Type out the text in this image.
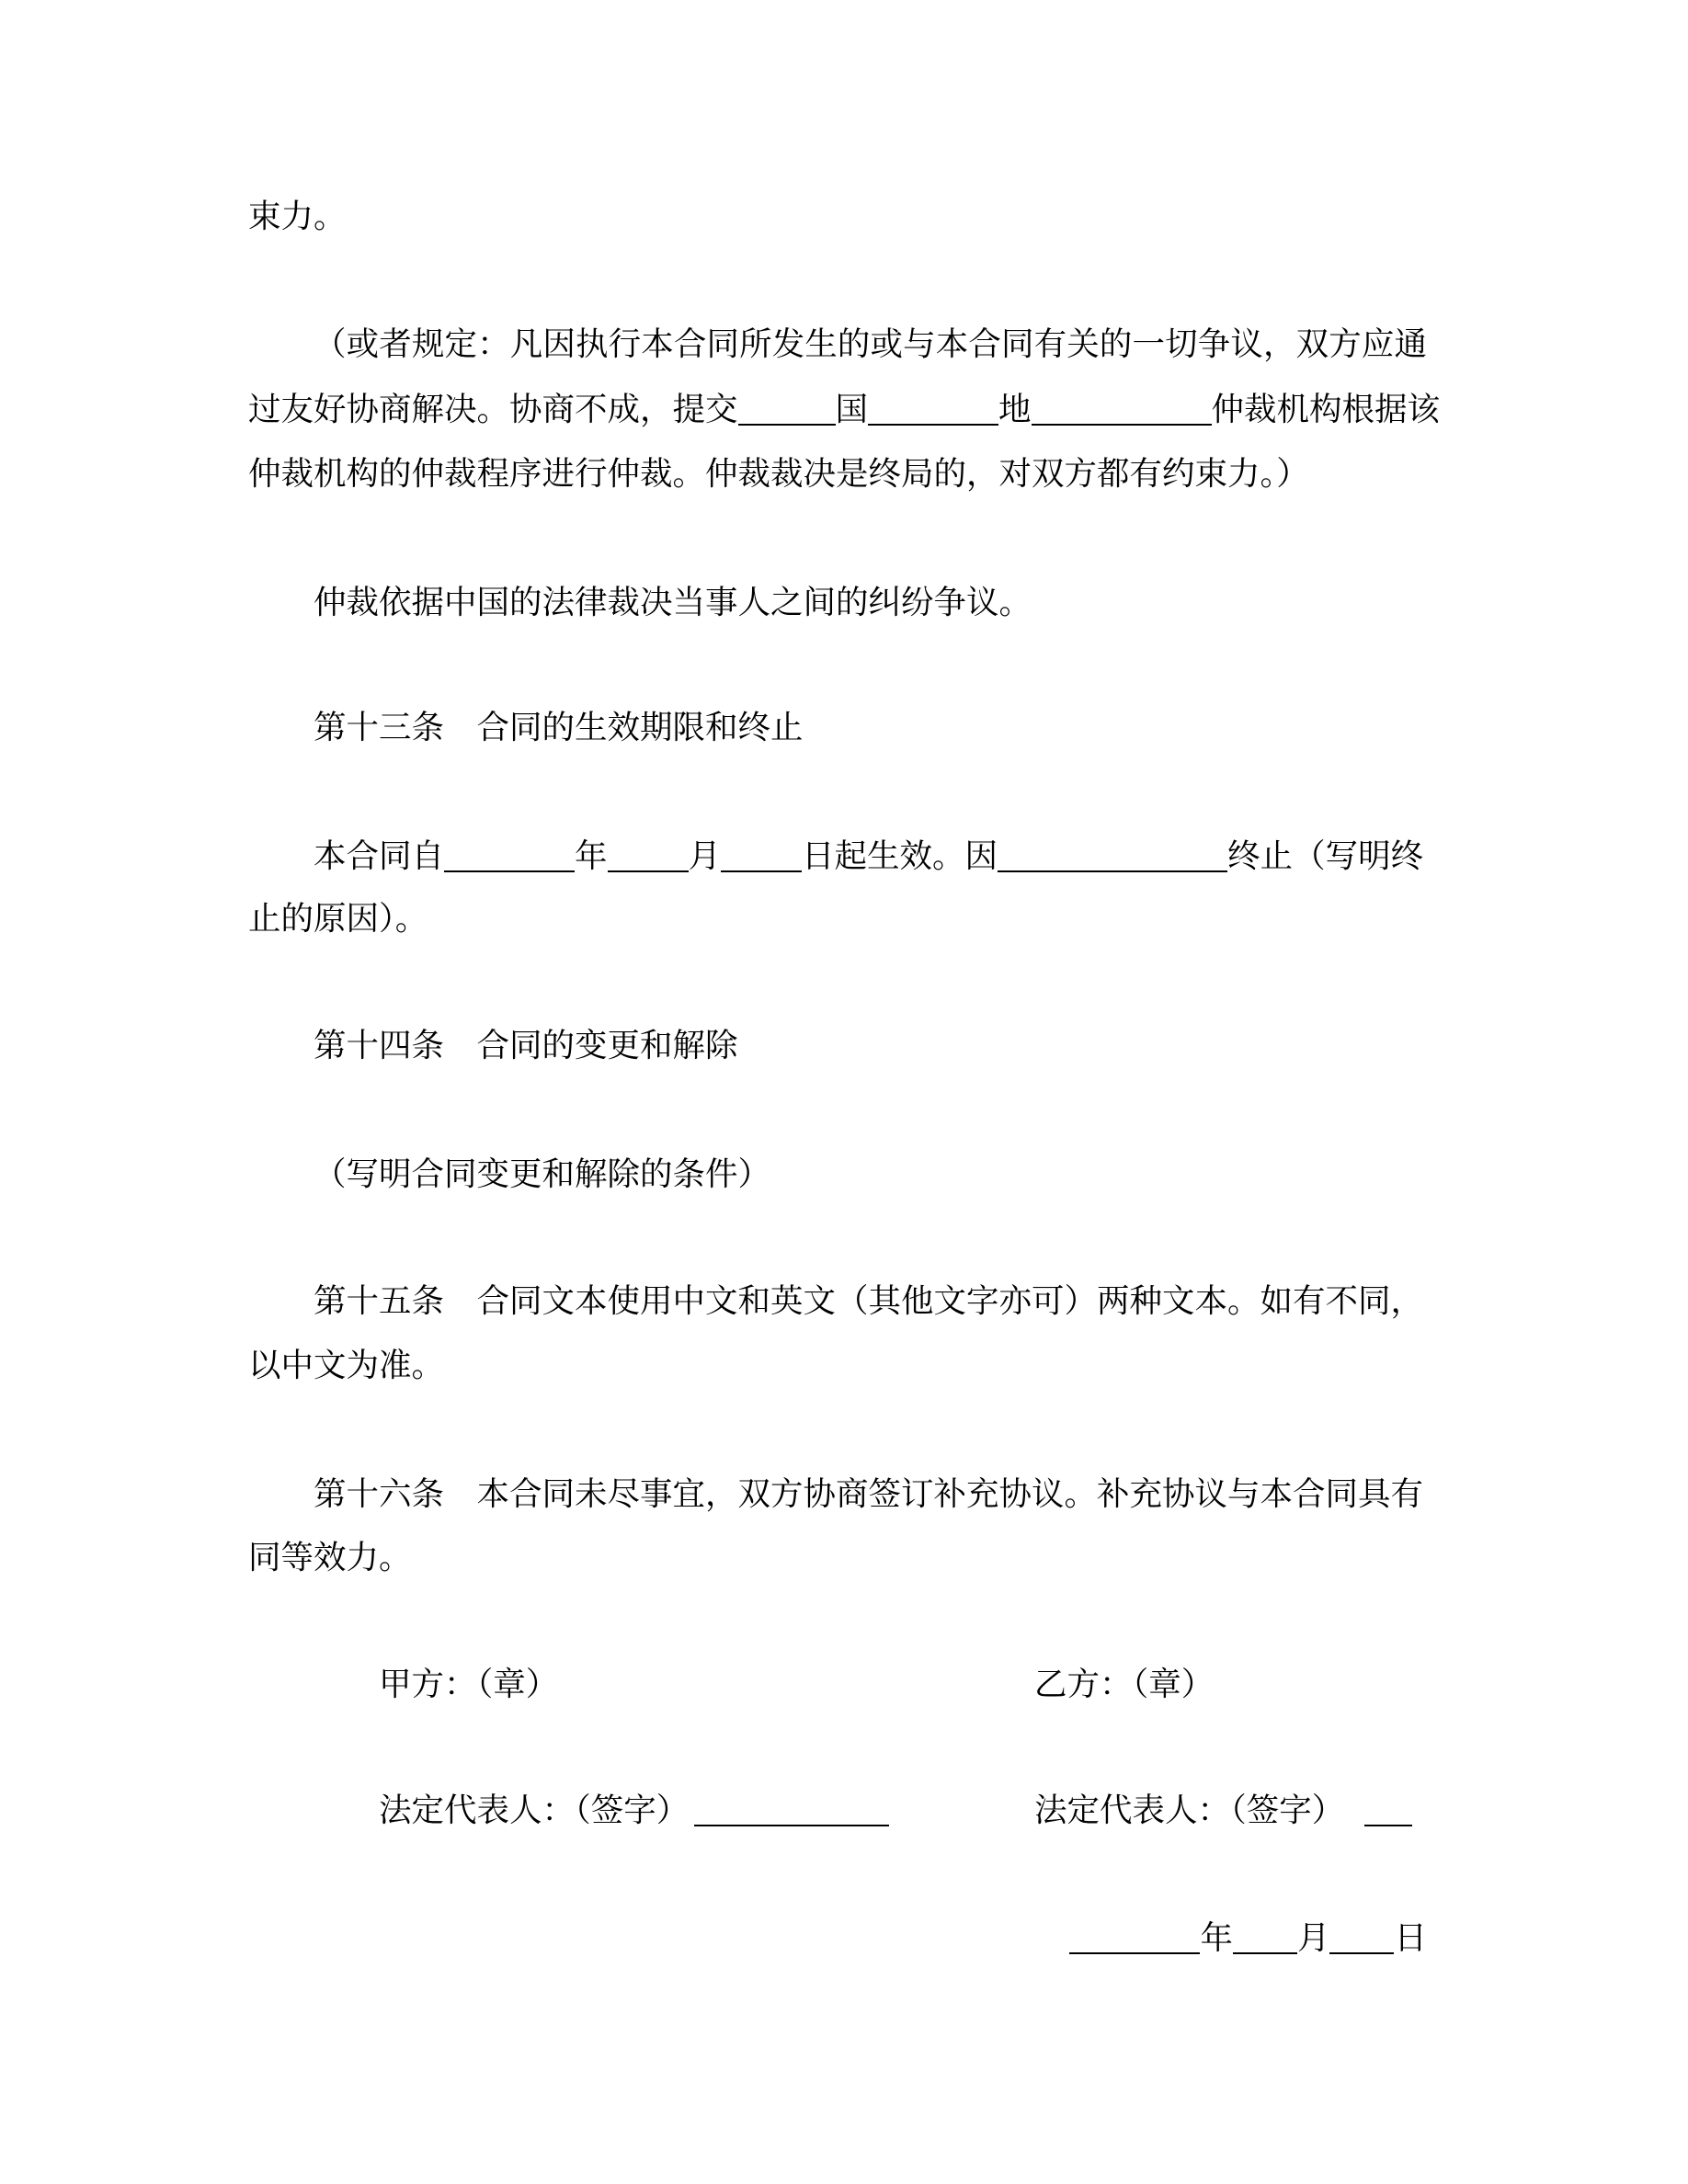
束力。
（或者规定：凡因执行本合同所发生的或与本合同有关的一切争议，双方应通
过友好协商解决。协商不成，提交	国	地	仲裁机构根据该
仲裁机构的仲裁程序进行仲裁。仲裁裁决是终局的，对双方都有约束力。）
仲裁依据中国的法律裁决当事人之间的纠纷争议。
第十三条　合同的生效期限和终止
本合同自	年 月 日起生效。因	终止（写明终
止的原因）。
第十四条　合同的变更和解除
（写明合同变更和解除的条件）
第十五条　合同文本使用中文和英文（其他文字亦可）两种文本。如有不同，
以中文为准。
第十六条　本合同未尽事宜，双方协商签订补充协议。补充协议与本合同具有
同等效力。
甲方：（章）	乙方：（章）
法定代表人：（签字）	法定代表人：（签字）
年 月 日
